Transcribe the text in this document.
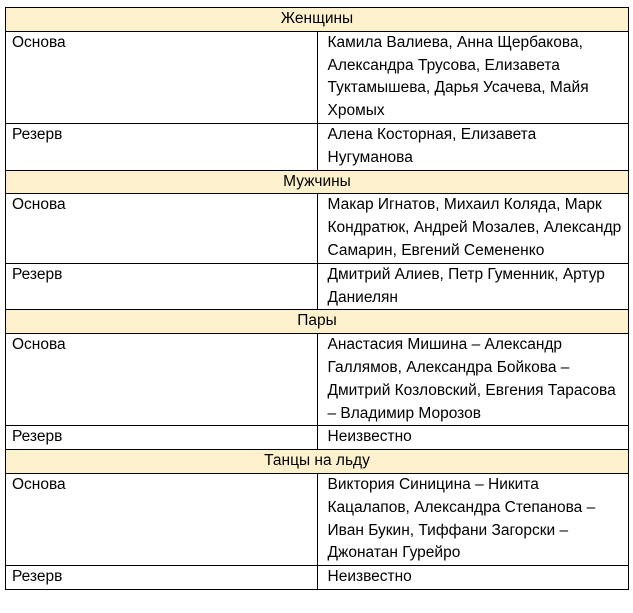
Женщины	
Основа	Камила Валиева, Анна Щербакова, Александра Трусова, Елизавета Туктамышева, Дарья Усачева, Майя Хромых
Резерв	Алена Косторная, Елизавета Нугуманова
Мужчины	
Основа	Макар Игнатов, Михаил Коляда, Марк Кондратюк, Андрей Мозалев, Александр Самарин, Евгений Семененко
Резерв	Дмитрий Алиев, Петр Гуменник, Артур Даниелян
Пары	
Основа	Анастасия Мишина – Александр Галлямов, Александра Бойкова – Дмитрий Козловский, Евгения Тарасова – Владимир Морозов
Резерв	Неизвестно
Танцы на льду	
Основа	Виктория Синицина – Никита Кацалапов, Александра Степанова – Иван Букин, Тиффани Загорски – Джонатан Гурейро
Резерв	Неизвестно
